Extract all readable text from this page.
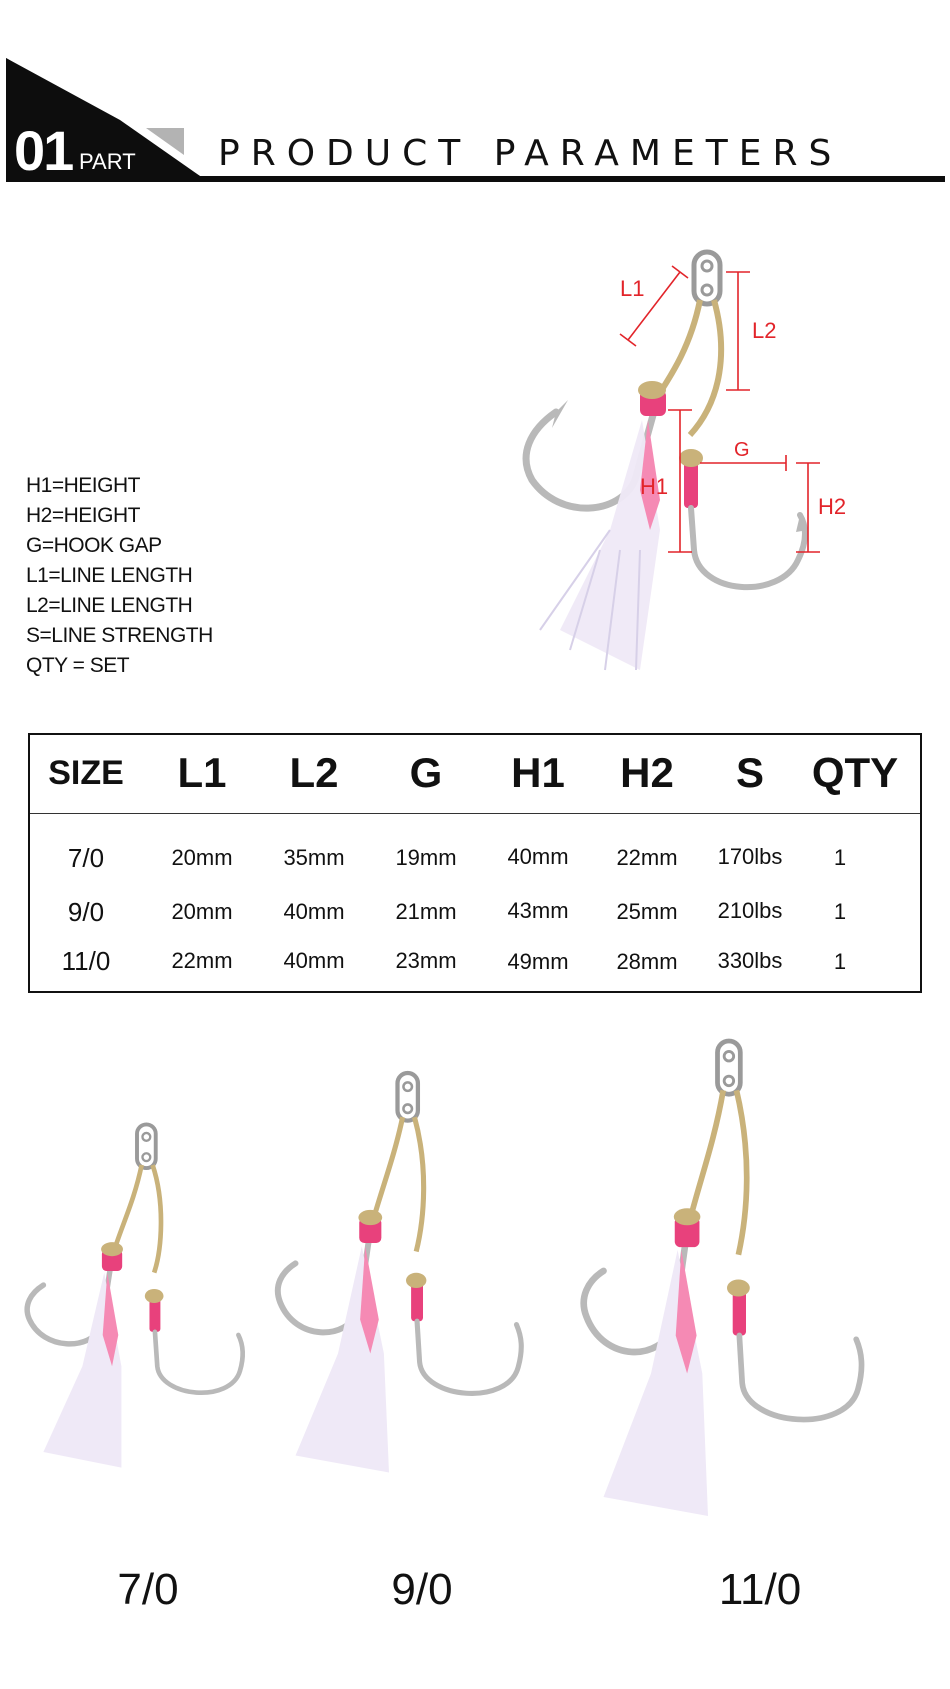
01 PART PRODUCT PARAMETERS
L1
L2
G
H1
H2
H1=HEIGHT
H2=HEIGHT
G=HOOK GAP
L1=LINE LENGTH
L2=LINE LENGTH
S=LINE STRENGTH
QTY = SET
SIZE	L1	L2	G	H1	H2	S	QTY
7/0	20mm	35mm	19mm	40mm	22mm	170lbs	1
9/0	20mm	40mm	21mm	43mm	25mm	210lbs	1
11/0	22mm	40mm	23mm	49mm	28mm	330lbs	1
7/0	9/0	11/0
